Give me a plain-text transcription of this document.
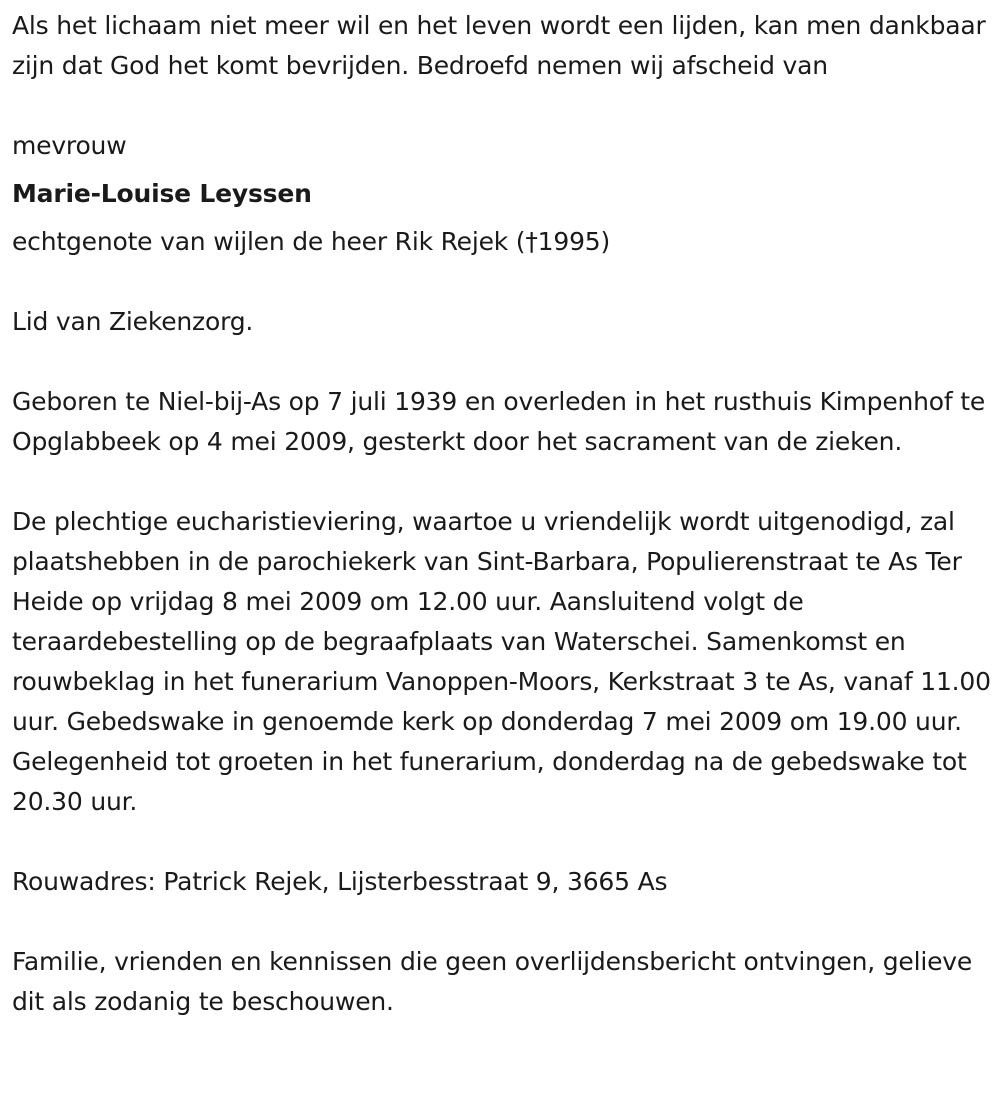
Als het lichaam niet meer wil en het leven wordt een lijden, kan men dankbaar zijn dat God het komt bevrijden. Bedroefd nemen wij afscheid van

mevrouw

Marie-Louise Leyssen

echtgenote van wijlen de heer Rik Rejek (†1995)

Lid van Ziekenzorg.

Geboren te Niel-bij-As op 7 juli 1939 en overleden in het rusthuis Kimpenhof te Opglabbeek op 4 mei 2009, gesterkt door het sacrament van de zieken.

De plechtige eucharistieviering, waartoe u vriendelijk wordt uitgenodigd, zal plaatshebben in de parochiekerk van Sint-Barbara, Populierenstraat te As Ter Heide op vrijdag 8 mei 2009 om 12.00 uur. Aansluitend volgt de teraardebestelling op de begraafplaats van Waterschei. Samenkomst en rouwbeklag in het funerarium Vanoppen-Moors, Kerkstraat 3 te As, vanaf 11.00 uur. Gebedswake in genoemde kerk op donderdag 7 mei 2009 om 19.00 uur. Gelegenheid tot groeten in het funerarium, donderdag na de gebedswake tot 20.30 uur.

Rouwadres: Patrick Rejek, Lijsterbesstraat 9, 3665 As

Familie, vrienden en kennissen die geen overlijdensbericht ontvingen, gelieve dit als zodanig te beschouwen.
